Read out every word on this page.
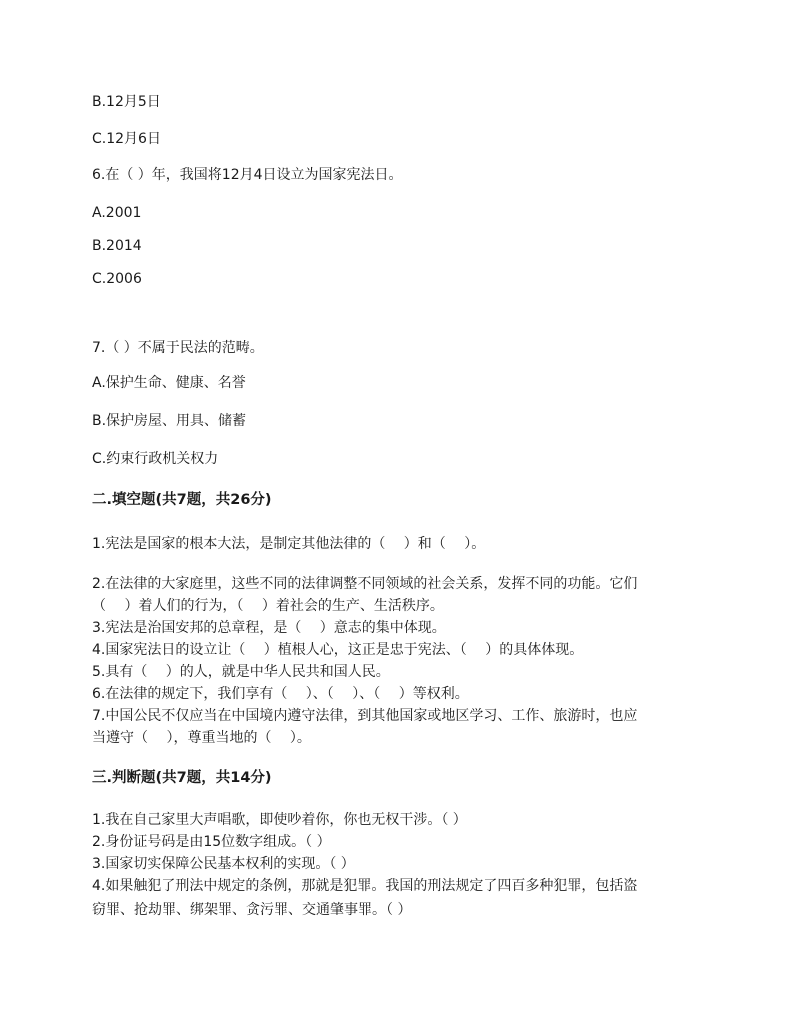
B.12月5日
C.12月6日
6.在（ ）年，我国将12月4日设立为国家宪法日。
A.2001
B.2014
C.2006
7.（ ）不属于民法的范畴。
A.保护生命、健康、名誉
B.保护房屋、用具、储蓄
C.约束行政机关权力
二.填空题(共7题，共26分)
1.宪法是国家的根本大法，是制定其他法律的（　 ）和（　 ）。
2.在法律的大家庭里，这些不同的法律调整不同领域的社会关系，发挥不同的功能。它们
（　 ）着人们的行为，（　 ）着社会的生产、生活秩序。
3.宪法是治国安邦的总章程，是（　 ）意志的集中体现。
4.国家宪法日的设立让（　 ）植根人心，这正是忠于宪法、（　 ）的具体体现。
5.具有（　 ）的人，就是中华人民共和国人民。
6.在法律的规定下，我们享有（　 ）、（　 ）、（　 ）等权利。
7.中国公民不仅应当在中国境内遵守法律，到其他国家或地区学习、工作、旅游时，也应
当遵守（　 ），尊重当地的（　 ）。
三.判断题(共7题，共14分)
1.我在自己家里大声唱歌，即使吵着你，你也无权干涉。（ ）
2.身份证号码是由15位数字组成。（ ）
3.国家切实保障公民基本权利的实现。（ ）
4.如果触犯了刑法中规定的条例，那就是犯罪。我国的刑法规定了四百多种犯罪，包括盗
窃罪、抢劫罪、绑架罪、贪污罪、交通肇事罪。（ ）
